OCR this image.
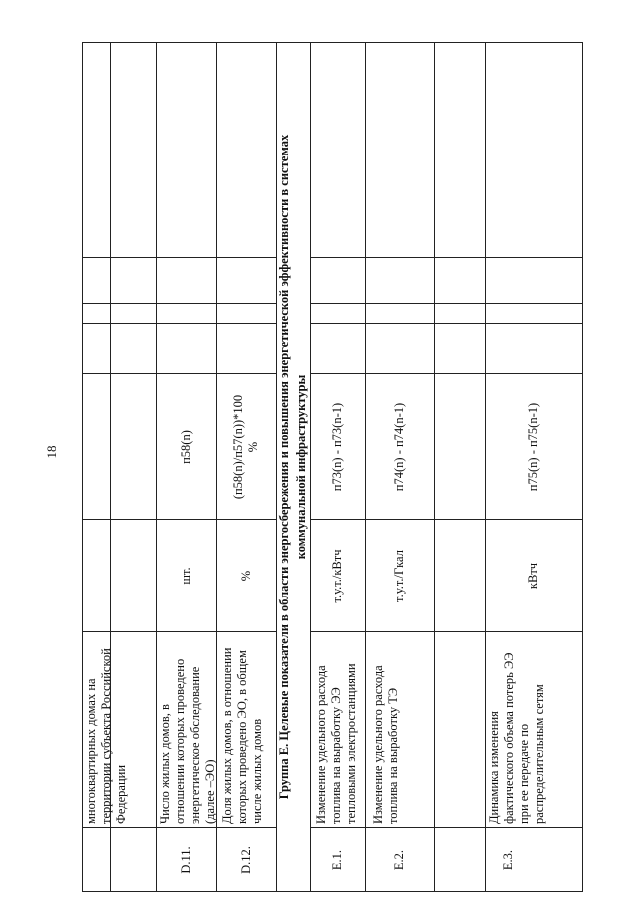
18
многоквартирных домах на территории субъекта Российской Федерации
D.11.
Число жилых домов, в отношении которых проведено энергетическое обследование (далее –ЭО)
шт.
п58(n)
D.12.
Доля жилых домов, в отношении которых проведено ЭО, в общем числе жилых домов
%
(п58(n)/п57(n))*100 % Группа E. Целевые показатели в области энергосбережения и повышения энергетической эффективности в системах коммунальной инфраструктуры
E.1.
Изменение удельного расхода топлива на выработку ЭЭ тепловыми электростанциями
т.у.т./кВтч
п73(n) - п73(n-1)
E.2.
Изменение удельного расхода топлива на выработку ТЭ
т.у.т./Гкал
п74(n) - п74(n-1)
E.3.
Динамика изменения фактического объема потерь ЭЭ при ее передаче по распределительным сетям
кВтч
п75(n) - п75(n-1)
